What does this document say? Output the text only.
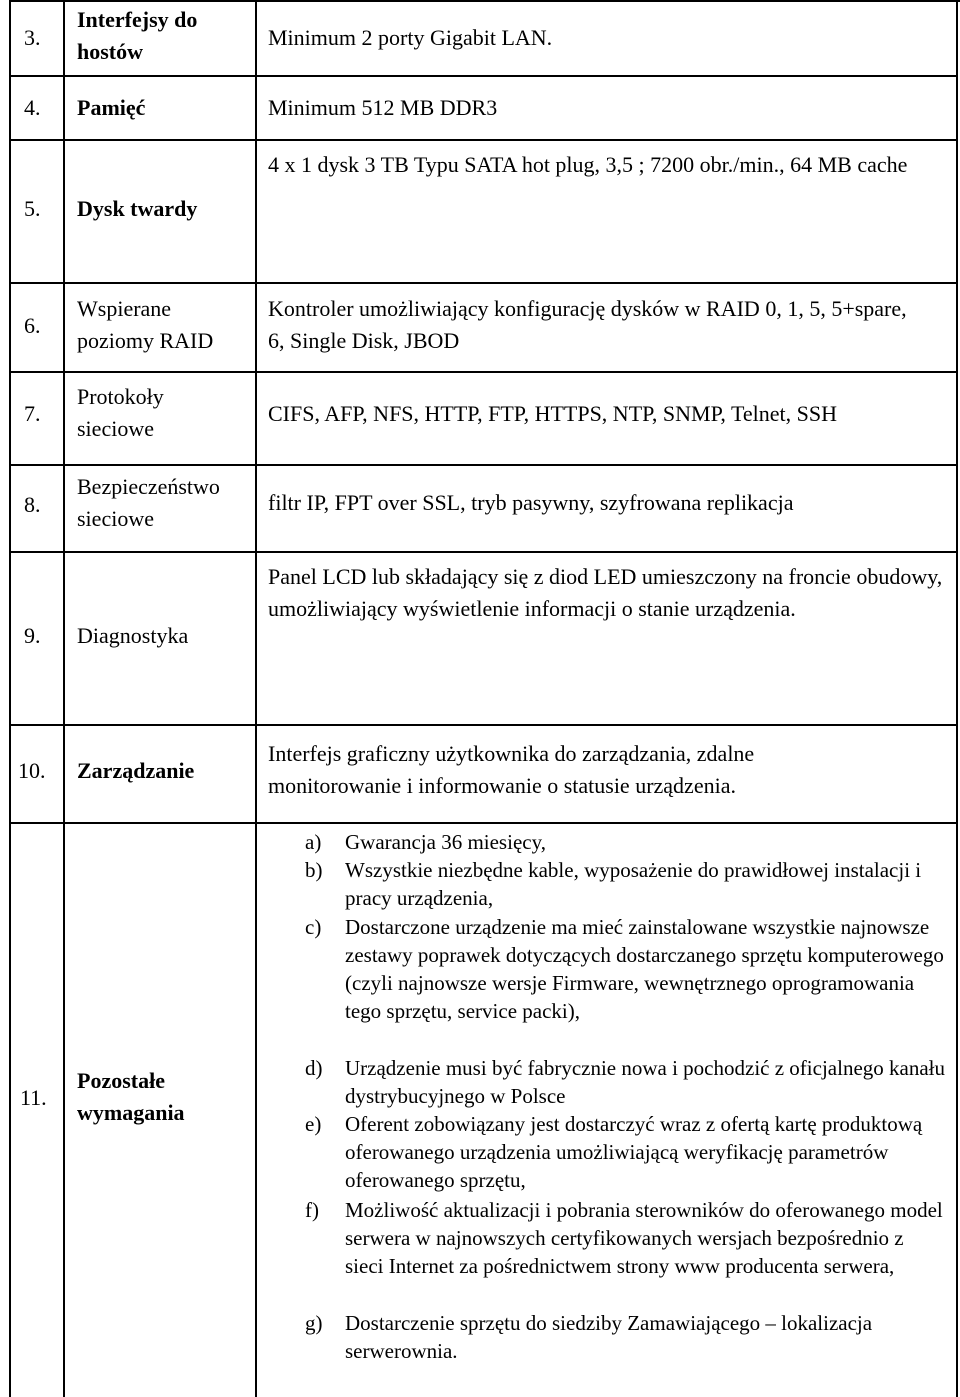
3.
Interfejsy do hostów
Minimum 2 porty Gigabit LAN.
4. Pamięć	Minimum 512 MB DDR3
5. Dysk twardy
4 x 1 dysk 3 TB Typu SATA hot plug, 3,5 ; 7200 obr./min., 64 MB cache
6.
Wspierane poziomy RAID
Kontroler umożliwiający konfigurację dysków w RAID 0, 1, 5, 5+spare, 6, Single Disk, JBOD
7.
Protokoły sieciowe
CIFS, AFP, NFS, HTTP, FTP, HTTPS, NTP, SNMP, Telnet, SSH
8.
Bezpieczeństwo sieciowe
filtr IP, FPT over SSL, tryb pasywny, szyfrowana replikacja
9. Diagnostyka
Panel LCD lub składający się z diod LED umieszczony na froncie obudowy, umożliwiający wyświetlenie informacji o stanie urządzenia.
10. Zarządzanie
Interfejs graficzny użytkownika do zarządzania, zdalne monitorowanie i informowanie o statusie urządzenia.
11.
Pozostałe wymagania
a) Gwarancja 36 miesięcy,
b) Wszystkie niezbędne kable, wyposażenie do prawidłowej instalacji i pracy urządzenia,
c) Dostarczone urządzenie ma mieć zainstalowane wszystkie najnowsze zestawy poprawek dotyczących dostarczanego sprzętu komputerowego (czyli najnowsze wersje Firmware, wewnętrznego oprogramowania tego sprzętu, service packi),
d) Urządzenie musi być fabrycznie nowa i pochodzić z oficjalnego kanału dystrybucyjnego w Polsce
e) Oferent zobowiązany jest dostarczyć wraz z ofertą kartę produktową oferowanego urządzenia umożliwiającą weryfikację parametrów oferowanego sprzętu,
f) Możliwość aktualizacji i pobrania sterowników do oferowanego model serwera w najnowszych certyfikowanych wersjach bezpośrednio z sieci Internet za pośrednictwem strony www producenta serwera,
g) Dostarczenie sprzętu do siedziby Zamawiającego – lokalizacja serwerownia.
